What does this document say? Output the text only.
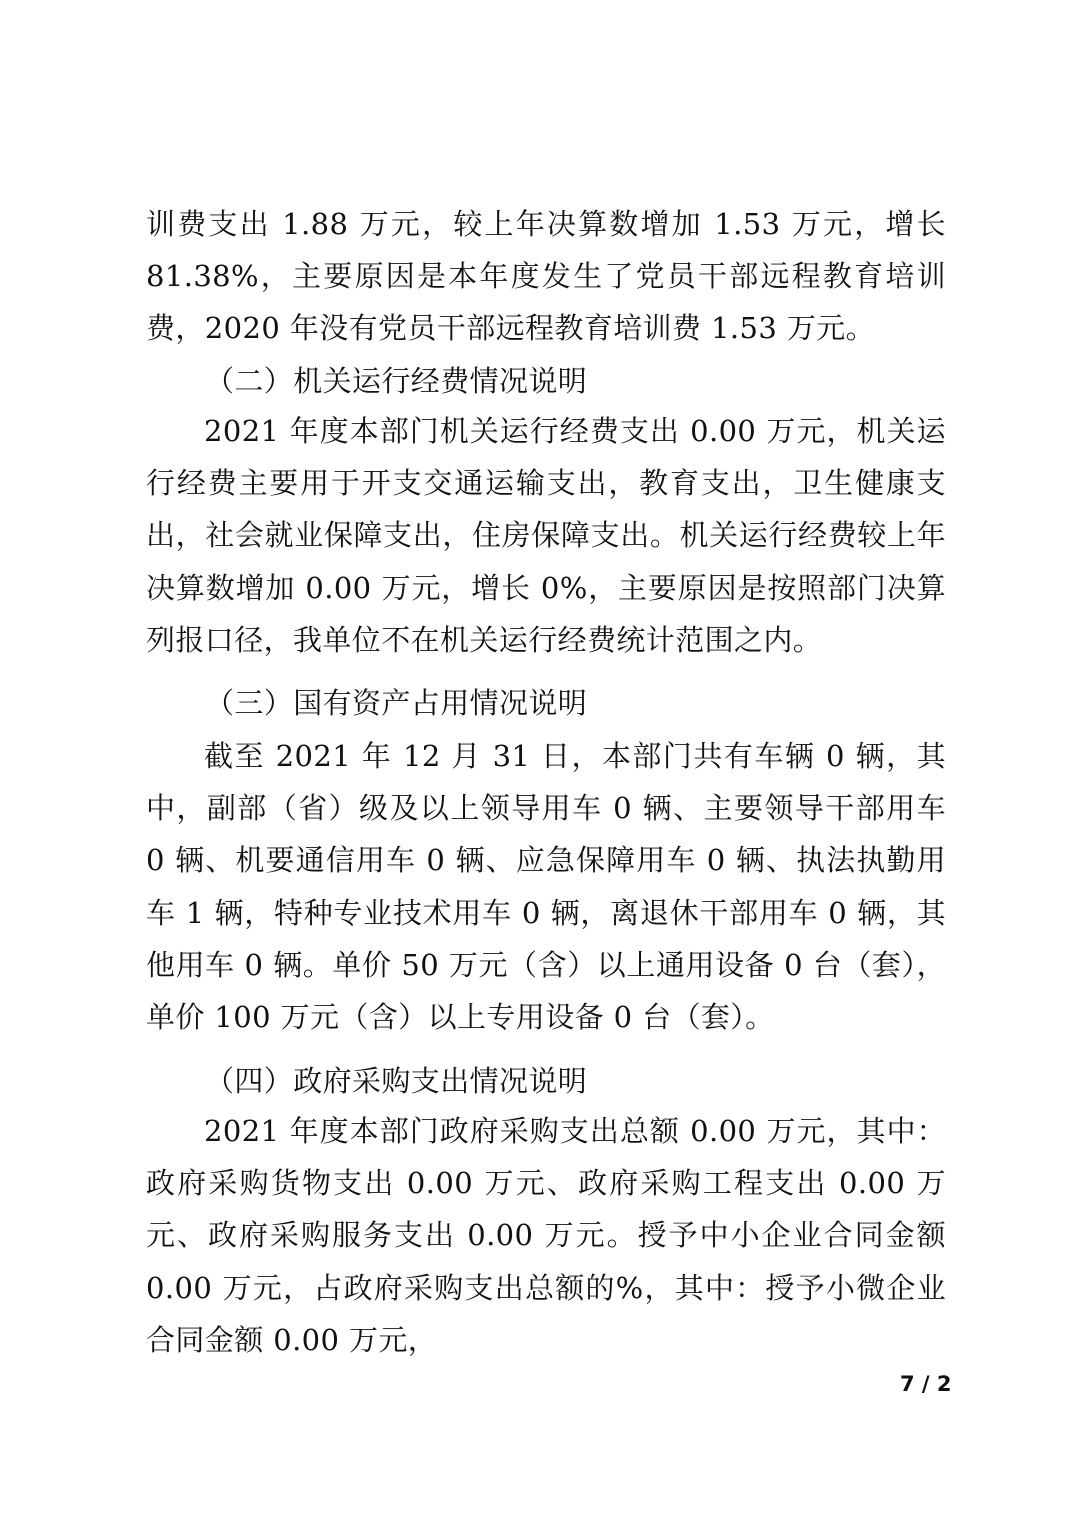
训费支出 1.88 万元，较上年决算数增加 1.53 万元，增长 81.38%，主要原因是本年度发生了党员干部远程教育培训费，2020 年没有党员干部远程教育培训费 1.53 万元。
（二）机关运行经费情况说明
2021 年度本部门机关运行经费支出 0.00 万元，机关运行经费主要用于开支交通运输支出，教育支出，卫生健康支出，社会就业保障支出，住房保障支出。机关运行经费较上年决算数增加 0.00 万元，增长 0%，主要原因是按照部门决算列报口径，我单位不在机关运行经费统计范围之内。
（三）国有资产占用情况说明
截至 2021 年 12 月 31 日，本部门共有车辆 0 辆，其中，副部（省）级及以上领导用车 0 辆、主要领导干部用车 0 辆、机要通信用车 0 辆、应急保障用车 0 辆、执法执勤用车 1 辆，特种专业技术用车 0 辆，离退休干部用车 0 辆，其他用车 0 辆。单价 50 万元（含）以上通用设备 0 台（套），单价 100 万元（含）以上专用设备 0 台（套）。
（四）政府采购支出情况说明
2021 年度本部门政府采购支出总额 0.00 万元，其中：政府采购货物支出 0.00 万元、政府采购工程支出 0.00 万元、政府采购服务支出 0.00 万元。授予中小企业合同金额 0.00 万元，占政府采购支出总额的%，其中：授予小微企业合同金额 0.00 万元，
7 / 2
